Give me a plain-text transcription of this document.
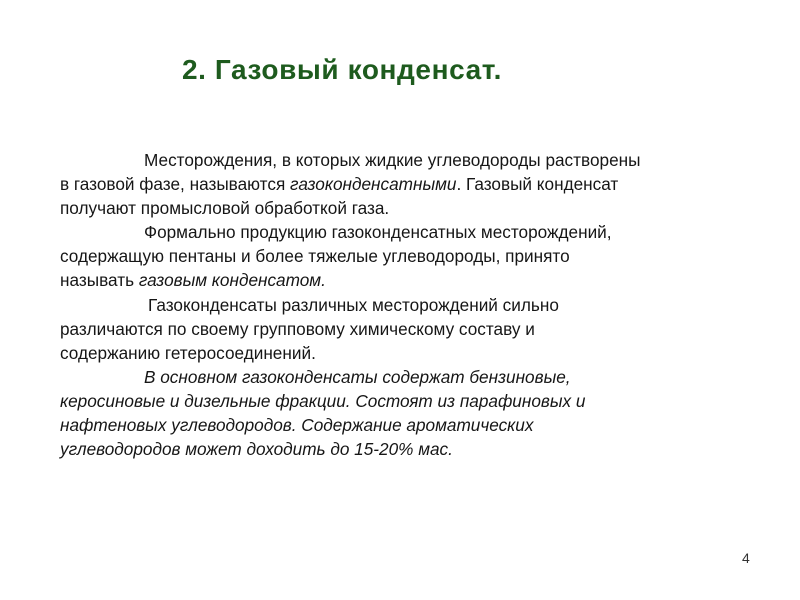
2. Газовый конденсат.

Месторождения, в которых жидкие углеводороды растворены
в газовой фазе, называются газоконденсатными. Газовый конденсат
получают промысловой обработкой газа.

Формально продукцию газоконденсатных месторождений,
содержащую пентаны и более тяжелые углеводороды, принято
называть газовым конденсатом.

Газоконденсаты различных месторождений сильно
различаются по своему групповому химическому составу и
содержанию гетеросоединений.

В основном газоконденсаты содержат бензиновые,
керосиновые и дизельные фракции. Состоят из парафиновых и
нафтеновых углеводородов. Содержание ароматических
углеводородов может доходить до 15-20% мас.

4
